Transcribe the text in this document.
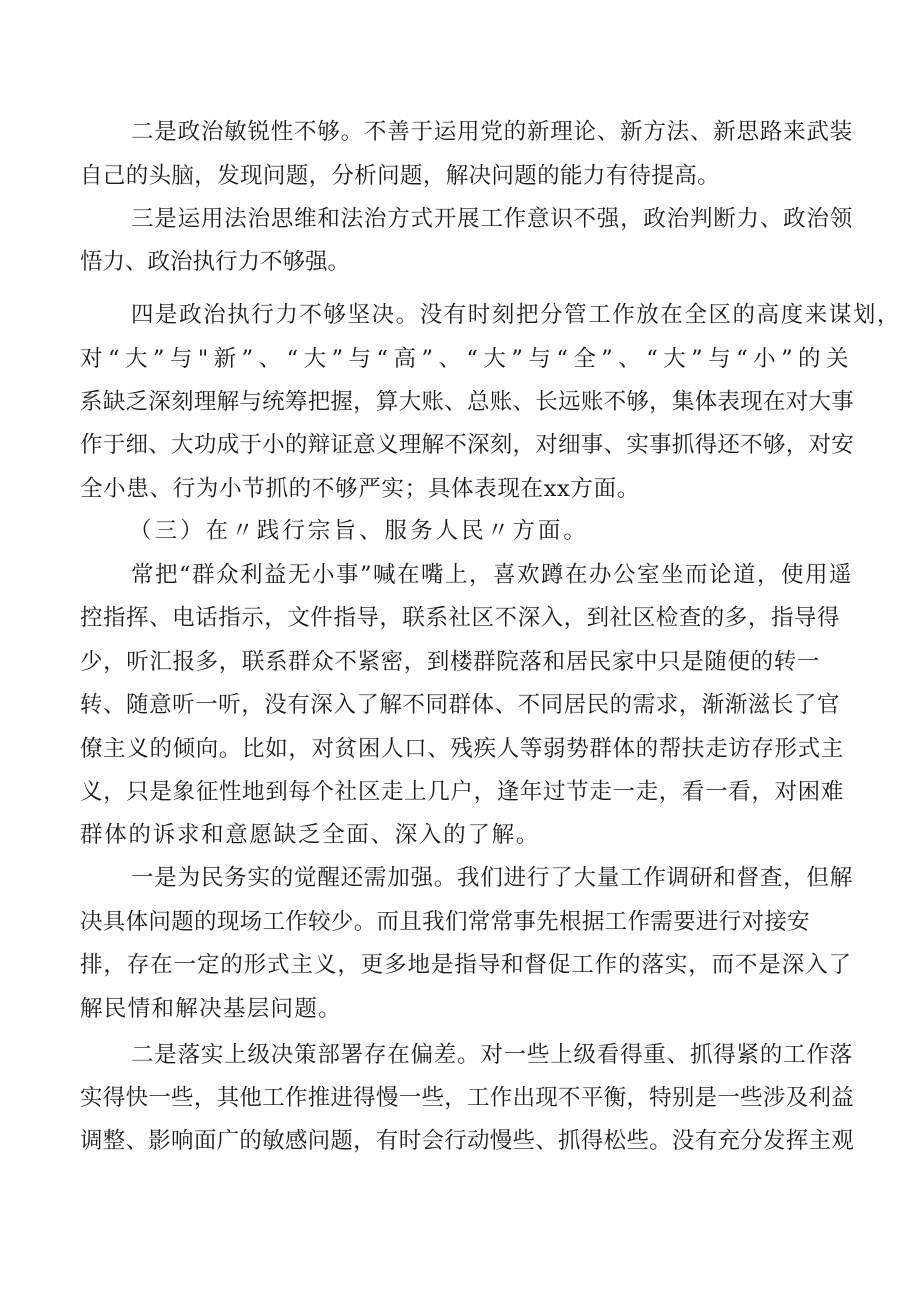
二是政治敏锐性不够。不善于运用党的新理论、新方法、新思路来武装
自己的头脑，发现问题，分析问题，解决问题的能力有待提高。
三是运用法治思维和法治方式开展工作意识不强，政治判断力、政治领
悟力、政治执行力不够强。
四是政治执行力不够坚决。没有时刻把分管工作放在全区的高度来谋划，
对“大”与"新”、“大”与“高”、“大”与“全”、“大”与“小”的关
系缺乏深刻理解与统筹把握，算大账、总账、长远账不够，集体表现在对大事
作于细、大功成于小的辩证意义理解不深刻，对细事、实事抓得还不够，对安
全小患、行为小节抓的不够严实；具体表现在xx方面。
（三）在〃践行宗旨、服务人民〃方面。
常把“群众利益无小事”喊在嘴上，喜欢蹲在办公室坐而论道，使用遥
控指挥、电话指示，文件指导，联系社区不深入，到社区检查的多，指导得
少，听汇报多，联系群众不紧密，到楼群院落和居民家中只是随便的转一
转、随意听一听，没有深入了解不同群体、不同居民的需求，渐渐滋长了官
僚主义的倾向。比如，对贫困人口、残疾人等弱势群体的帮扶走访存形式主
义，只是象征性地到每个社区走上几户，逢年过节走一走，看一看，对困难
群体的诉求和意愿缺乏全面、深入的了解。
一是为民务实的觉醒还需加强。我们进行了大量工作调研和督查，但解
决具体问题的现场工作较少。而且我们常常事先根据工作需要进行对接安
排，存在一定的形式主义，更多地是指导和督促工作的落实，而不是深入了
解民情和解决基层问题。
二是落实上级决策部署存在偏差。对一些上级看得重、抓得紧的工作落
实得快一些，其他工作推进得慢一些，工作出现不平衡，特别是一些涉及利益
调整、影响面广的敏感问题，有时会行动慢些、抓得松些。没有充分发挥主观
